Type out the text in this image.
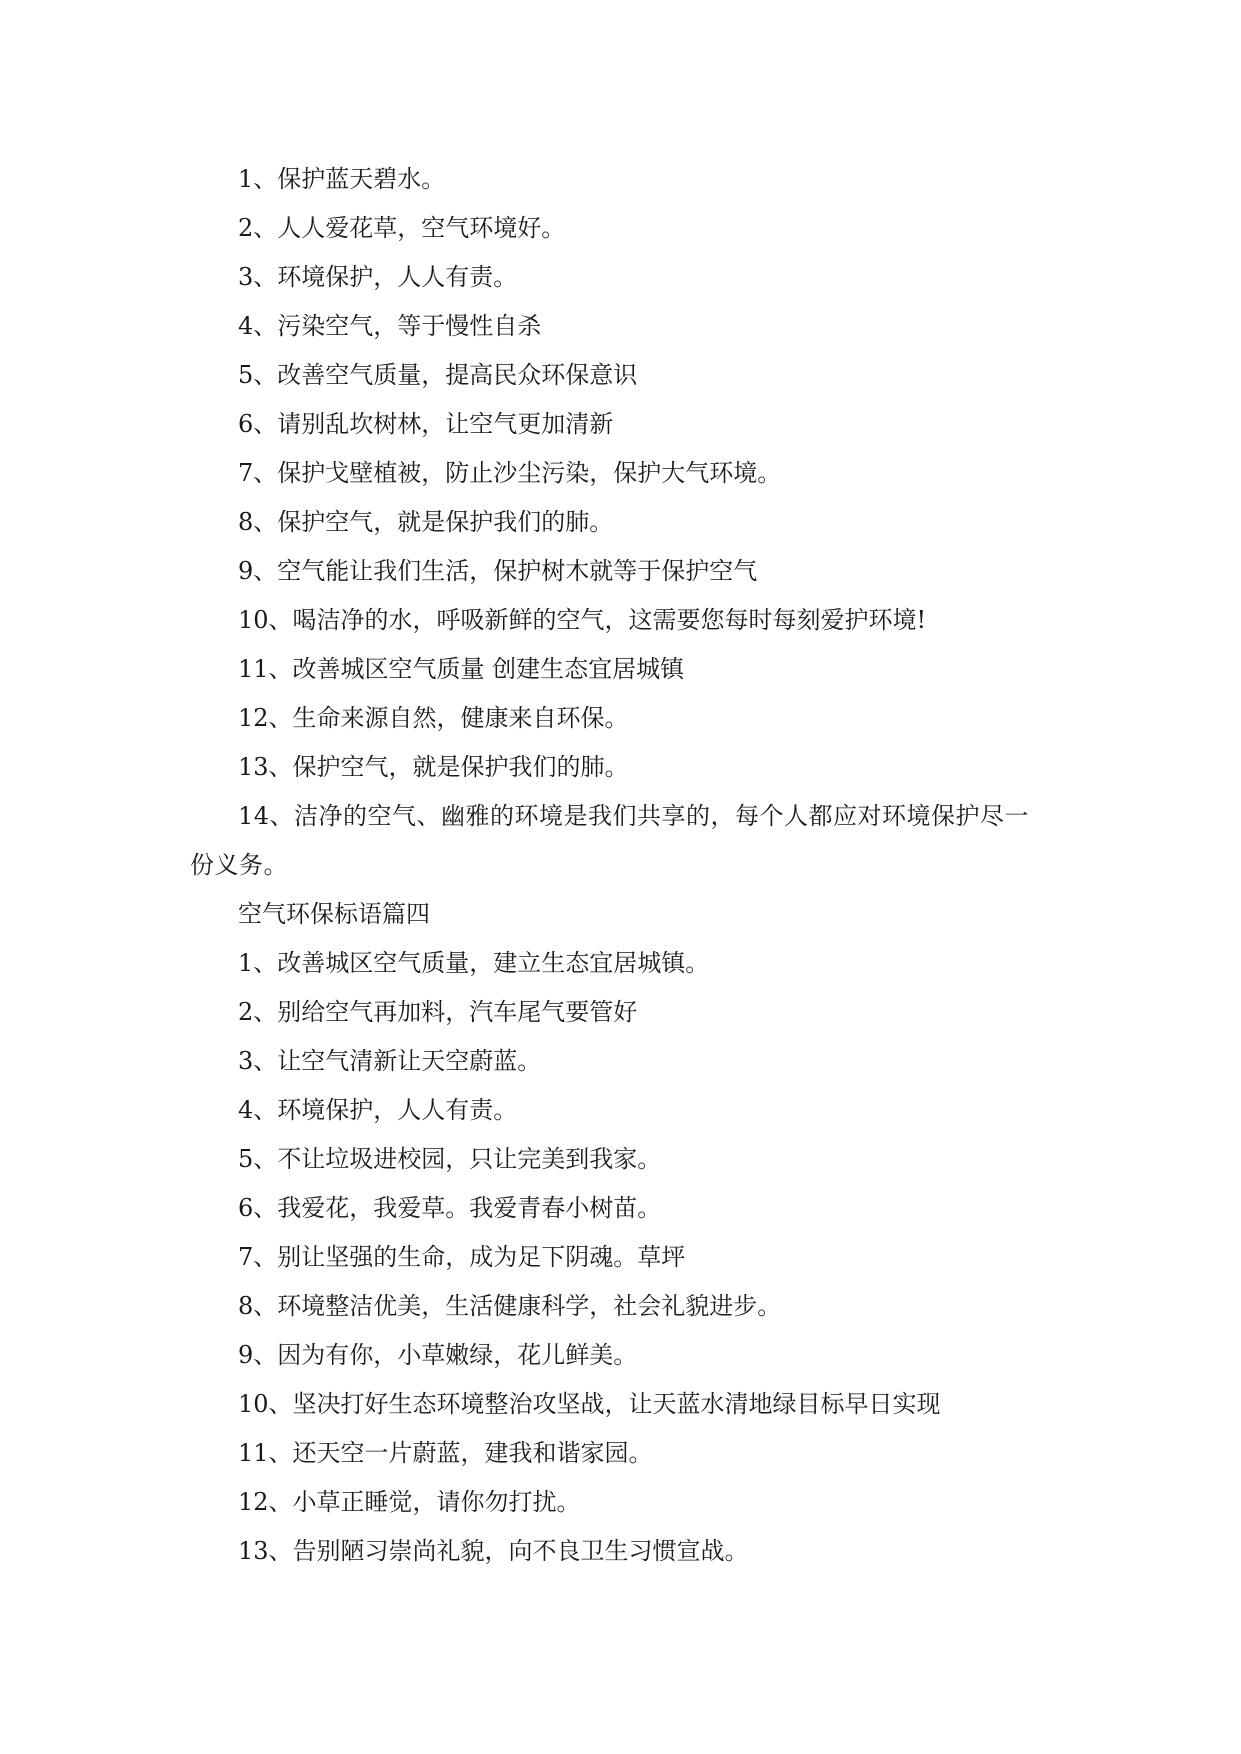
1、保护蓝天碧水。
2、人人爱花草，空气环境好。
3、环境保护，人人有责。
4、污染空气，等于慢性自杀
5、改善空气质量，提高民众环保意识
6、请别乱坎树林，让空气更加清新
7、保护戈壁植被，防止沙尘污染，保护大气环境。
8、保护空气，就是保护我们的肺。
9、空气能让我们生活，保护树木就等于保护空气
10、喝洁净的水，呼吸新鲜的空气，这需要您每时每刻爱护环境!
11、改善城区空气质量 创建生态宜居城镇
12、生命来源自然，健康来自环保。
13、保护空气，就是保护我们的肺。
14、洁净的空气、幽雅的环境是我们共享的，每个人都应对环境保护尽一份义务。
空气环保标语篇四
1、改善城区空气质量，建立生态宜居城镇。
2、别给空气再加料，汽车尾气要管好
3、让空气清新让天空蔚蓝。
4、环境保护，人人有责。
5、不让垃圾进校园，只让完美到我家。
6、我爱花，我爱草。我爱青春小树苗。
7、别让坚强的生命，成为足下阴魂。草坪
8、环境整洁优美，生活健康科学，社会礼貌进步。
9、因为有你，小草嫩绿，花儿鲜美。
10、坚决打好生态环境整治攻坚战，让天蓝水清地绿目标早日实现
11、还天空一片蔚蓝，建我和谐家园。
12、小草正睡觉，请你勿打扰。
13、告别陋习崇尚礼貌，向不良卫生习惯宣战。
